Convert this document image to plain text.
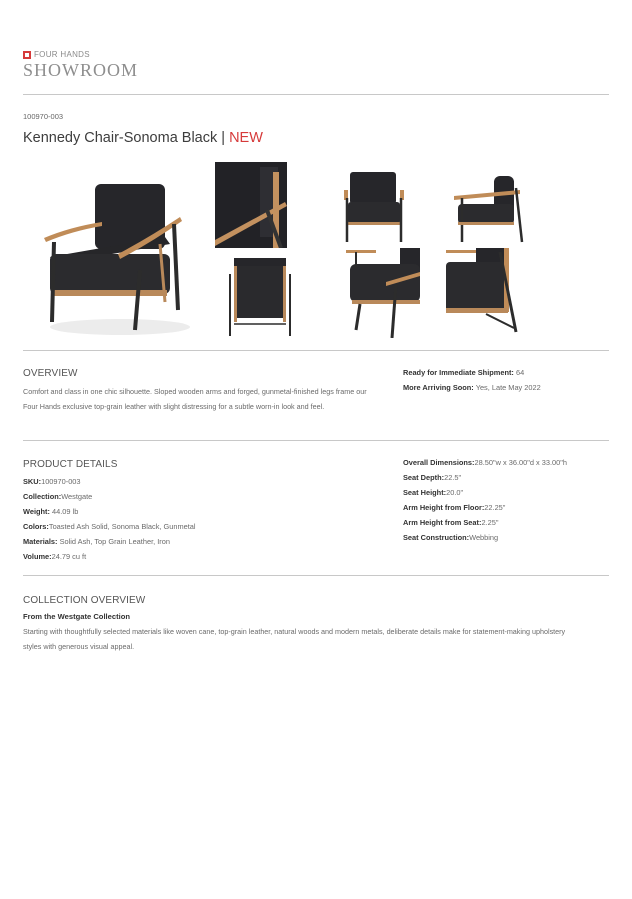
FOUR HANDS
SHOWROOM
100970-003
Kennedy Chair-Sonoma Black | NEW
OVERVIEW
Comfort and class in one chic silhouette. Sloped wooden arms and forged, gunmetal-finished legs frame our Four Hands exclusive top-grain leather with slight distressing for a subtle worn-in look and feel.
Ready for Immediate Shipment: 64
More Arriving Soon: Yes, Late May 2022
PRODUCT DETAILS
SKU:100970-003
Collection:Westgate
Weight: 44.09 lb
Colors:Toasted Ash Solid, Sonoma Black, Gunmetal
Materials: Solid Ash, Top Grain Leather, Iron
Volume:24.79 cu ft
Overall Dimensions:28.50"w x 36.00"d x 33.00"h
Seat Depth:22.5"
Seat Height:20.0"
Arm Height from Floor:22.25"
Arm Height from Seat:2.25"
Seat Construction:Webbing
COLLECTION OVERVIEW
From the Westgate Collection
Starting with thoughtfully selected materials like woven cane, top-grain leather, natural woods and modern metals, deliberate details make for statement-making upholstery styles with generous visual appeal.
